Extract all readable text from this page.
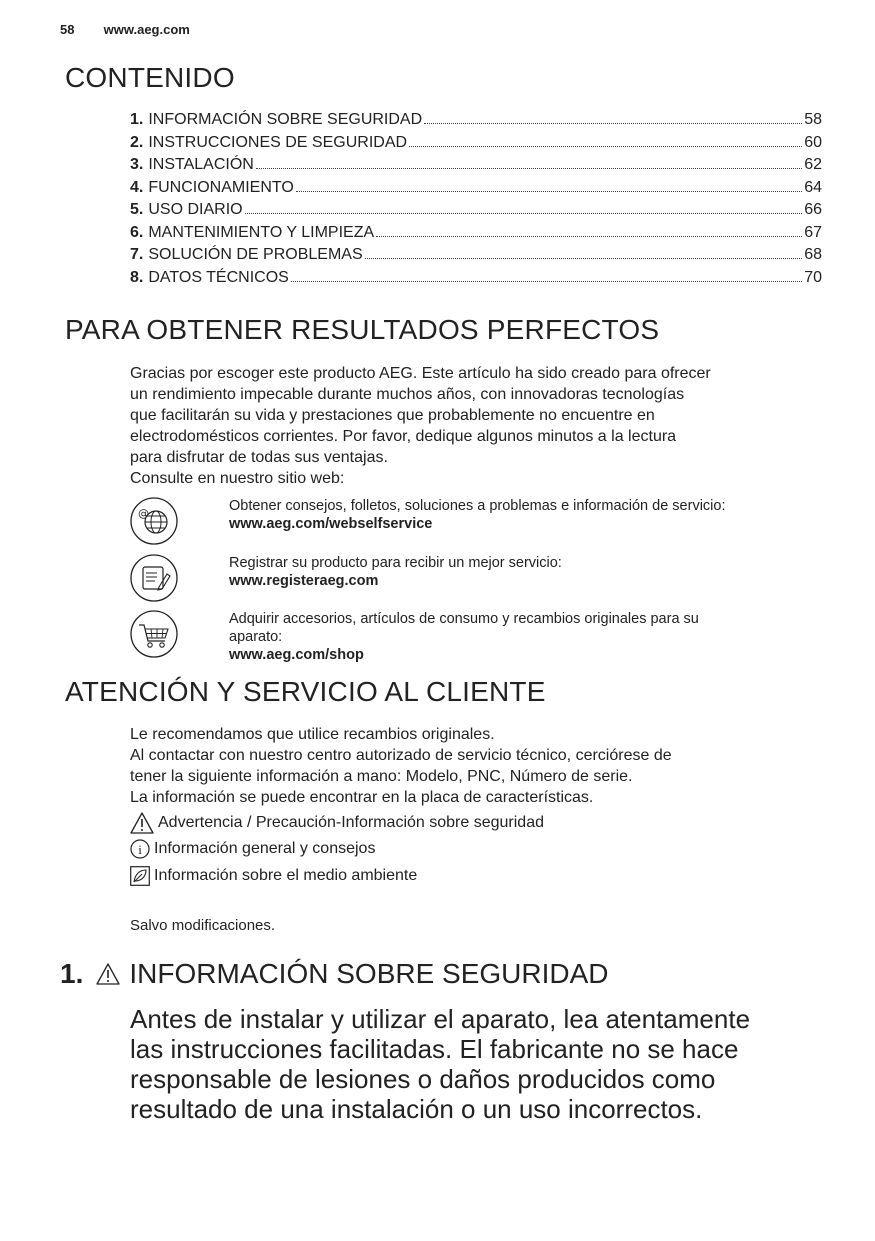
58 www.aeg.com
CONTENIDO
1. INFORMACIÓN SOBRE SEGURIDAD	58
2. INSTRUCCIONES DE SEGURIDAD	60
3. INSTALACIÓN	62
4. FUNCIONAMIENTO	64
5. USO DIARIO	66
6. MANTENIMIENTO Y LIMPIEZA	67
7. SOLUCIÓN DE PROBLEMAS	68
8. DATOS TÉCNICOS	70
PARA OBTENER RESULTADOS PERFECTOS
Gracias por escoger este producto AEG. Este artículo ha sido creado para ofrecer
un rendimiento impecable durante muchos años, con innovadoras tecnologías
que facilitarán su vida y prestaciones que probablemente no encuentre en
electrodomésticos corrientes. Por favor, dedique algunos minutos a la lectura
para disfrutar de todas sus ventajas.
Consulte en nuestro sitio web:
@	Obtener consejos, folletos, soluciones a problemas e información de servicio:
www.aeg.com/webselfservice
Registrar su producto para recibir un mejor servicio:
www.registeraeg.com
Adquirir accesorios, artículos de consumo y recambios originales para su
aparato:
www.aeg.com/shop
ATENCIÓN Y SERVICIO AL CLIENTE
Le recomendamos que utilice recambios originales.
Al contactar con nuestro centro autorizado de servicio técnico, cerciórese de
tener la siguiente información a mano: Modelo, PNC, Número de serie.
La información se puede encontrar en la placa de características.
Advertencia / Precaución-Información sobre seguridad
i Información general y consejos
Información sobre el medio ambiente
Salvo modificaciones.
1. INFORMACIÓN SOBRE SEGURIDAD
Antes de instalar y utilizar el aparato, lea atentamente
las instrucciones facilitadas. El fabricante no se hace
responsable de lesiones o daños producidos como
resultado de una instalación o un uso incorrectos.
